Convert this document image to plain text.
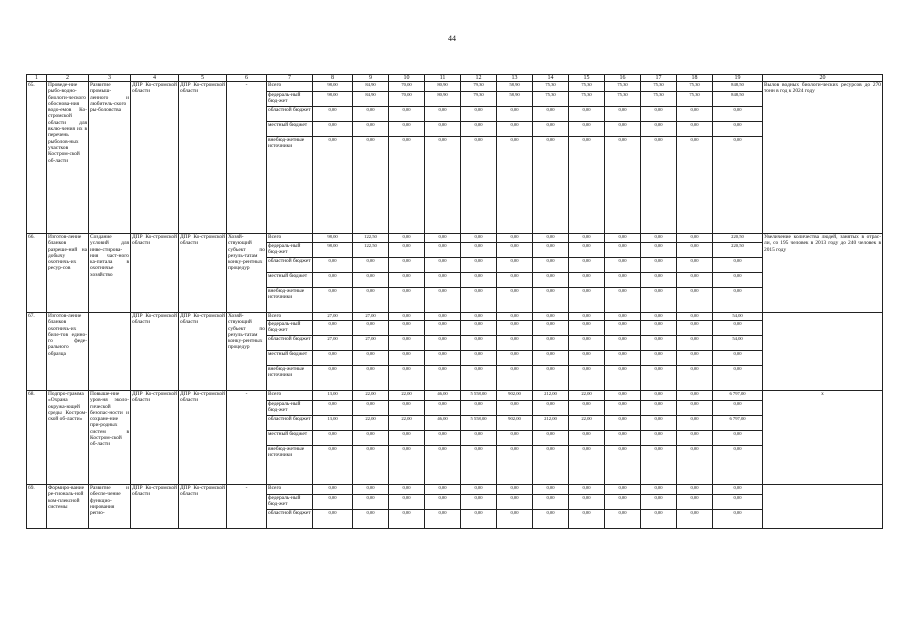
44
1	2	3	4	5	6	7	8	9	10	11	12	13	14	15	16	17	18	19	20
65.	Проведе-ние рыбо-водно-биологи-ческого обоснова-ния водо-емов Ко-стромской области для вклю-чения их в перечень рыболов-ных участков Костром-ской об-ласти	Развитие промыш-ленного и любитель-ского ры-боловства	ДПР Ко-стромской области	ДПР Ко-стромской области	-	Всего	98,00	84,90	70,00	80,90	79,30	58,90	75,30	75,30	75,30	75,30	75,30	848,50	Вылов водных биологи-ческих ресурсов до 270 тонн в год к 2024 году
						федераль-ный бюд-жет	98,00	84,90	70,00	80,90	79,30	58,90	75,30	75,30	75,30	75,30	75,30	848,50	
						областной бюджет	0,00	0,00	0,00	0,00	0,00	0,00	0,00	0,00	0,00	0,00	0,00	0,00	
						местный бюджет	0,00	0,00	0,00	0,00	0,00	0,00	0,00	0,00	0,00	0,00	0,00	0,00	
						внебюд-жетные источники	0,00	0,00	0,00	0,00	0,00	0,00	0,00	0,00	0,00	0,00	0,00	0,00	
66.	Изготов-ление бланков разреше-ний на добычу охотничь-их ресур-сов	Создание условий для инве-стирова-ния част-ного ка-питала в охотничье хозяйство	ДПР Ко-стромской области	ДПР Ко-стромской области	Хозяй-ствующий субъект по резуль-татам конку-рентных процедур	Всего	98,00	122,50	0,00	0,00	0,00	0,00	0,00	0,00	0,00	0,00	0,00	220,50	Увеличение количества людей, занятых в отрас-ли, со 195 человек в 2013 году до 240 человек в 2015 году
						федераль-ный бюд-жет	98,00	122,50	0,00	0,00	0,00	0,00	0,00	0,00	0,00	0,00	0,00	220,50	
						областной бюджет	0,00	0,00	0,00	0,00	0,00	0,00	0,00	0,00	0,00	0,00	0,00	0,00	
						местный бюджет	0,00	0,00	0,00	0,00	0,00	0,00	0,00	0,00	0,00	0,00	0,00	0,00	
						внебюд-жетные источники	0,00	0,00	0,00	0,00	0,00	0,00	0,00	0,00	0,00	0,00	0,00	0,00	
67.	Изготов-ление бланков охотничь-их биле-тов едино-го феде-рального образца		ДПР Ко-стромской области	ДПР Ко-стромской области	Хозяй-ствующий субъект по резуль-татам конку-рентных процедур	Всего	27,00	27,00	0,00	0,00	0,00	0,00	0,00	0,00	0,00	0,00	0,00	54,00	
						федераль-ный бюд-жет	0,00	0,00	0,00	0,00	0,00	0,00	0,00	0,00	0,00	0,00	0,00	0,00	
						областной бюджет	27,00	27,00	0,00	0,00	0,00	0,00	0,00	0,00	0,00	0,00	0,00	54,00	
						местный бюджет	0,00	0,00	0,00	0,00	0,00	0,00	0,00	0,00	0,00	0,00	0,00	0,00	
						внебюд-жетные источники	0,00	0,00	0,00	0,00	0,00	0,00	0,00	0,00	0,00	0,00	0,00	0,00	
68.	Подпро-грамма «Охрана окружа-ющей среды Костром-ской об-ласти»	Повыше-ние уров-ня эколо-гической безопас-ности и сохране-ние при-родных систем в Костром-ской об-ласти	ДПР Ко-стромской области	ДПР Ко-стромской области	-	Всего	13,00	22,00	22,00	46,00	5 558,00	902,00	212,00	22,00	0,00	0,00	0,00	6 797,00	х
						федераль-ный бюд-жет	0,00	0,00	0,00	0,00	0,00	0,00	0,00	0,00	0,00	0,00	0,00	0,00	
						областной бюджет	13,00	22,00	22,00	46,00	5 558,00	902,00	212,00	22,00	0,00	0,00	0,00	6 797,00	
						местный бюджет	0,00	0,00	0,00	0,00	0,00	0,00	0,00	0,00	0,00	0,00	0,00	0,00	
						внебюд-жетные источники	0,00	0,00	0,00	0,00	0,00	0,00	0,00	0,00	0,00	0,00	0,00	0,00	
69.	Формиро-вание ре-гиональ-ной ком-плексной системы	Развитие и обеспе-чение функцио-нирования регио-	ДПР Ко-стромской области	ДПР Ко-стромской области	-	Всего	0,00	0,00	0,00	0,00	0,00	0,00	0,00	0,00	0,00	0,00	0,00	0,00	
						федераль-ный бюд-жет	0,00	0,00	0,00	0,00	0,00	0,00	0,00	0,00	0,00	0,00	0,00	0,00	
						областной бюджет	0,00	0,00	0,00	0,00	0,00	0,00	0,00	0,00	0,00	0,00	0,00	0,00	
